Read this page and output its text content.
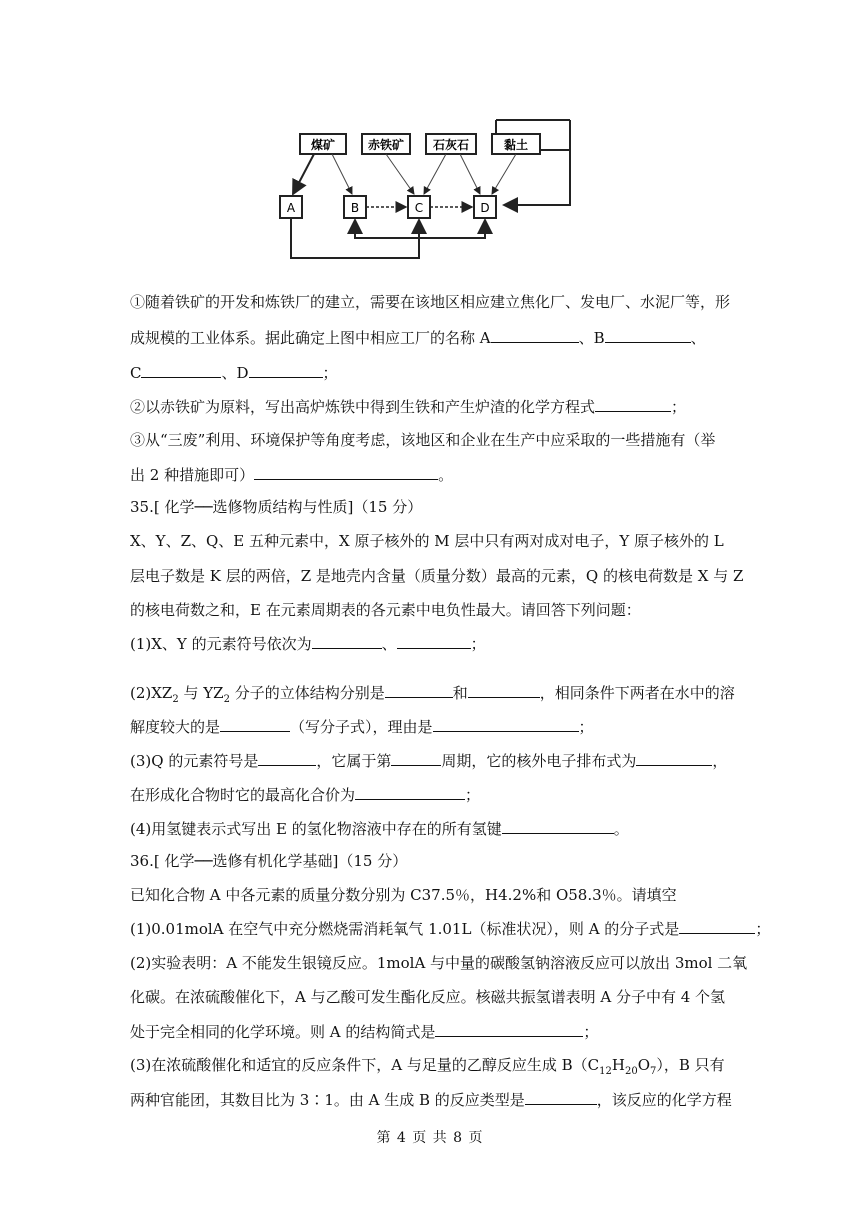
煤矿	赤铁矿 石灰石	黏土
A	B	C	D
①随着铁矿的开发和炼铁厂的建立，需要在该地区相应建立焦化厂、发电厂、水泥厂等，形
成规模的工业体系。据此确定上图中相应工厂的名称 A	、B	、
C	、D	；
②以赤铁矿为原料，写出高炉炼铁中得到生铁和产生炉渣的化学方程式	；
③从“三废”利用、环境保护等角度考虑，该地区和企业在生产中应采取的一些措施有（举
出 2 种措施即可）	。
35.[ 化学──选修物质结构与性质]（15 分）
X、Y、Z、Q、E 五种元素中，X 原子核外的 M 层中只有两对成对电子，Y 原子核外的 L
层电子数是 K 层的两倍，Z 是地壳内含量（质量分数）最高的元素，Q 的核电荷数是 X 与 Z
的核电荷数之和，E 在元素周期表的各元素中电负性最大。请回答下列问题：
(1)X、Y 的元素符号依次为	、	；
$(2)XZ_2$ 与 $YZ_2$ 分子的立体结构分别是	和	，相同条件下两者在水中的溶
解度较大的是	（写分子式），理由是	；
(3)Q 的元素符号是	，它属于第	周期，它的核外电子排布式为	，
在形成化合物时它的最高化合价为	；
(4)用氢键表示式写出 E 的氢化物溶液中存在的所有氢键	。
36.[ 化学──选修有机化学基础]（15 分）
已知化合物 A 中各元素的质量分数分别为 C37.5％，H4.2%和 O58.3％。请填空
(1)0.01molA 在空气中充分燃烧需消耗氧气 1.01L（标准状况），则 A 的分子式是	；
(2)实验表明：A 不能发生银镜反应。1molA 与中量的碳酸氢钠溶液反应可以放出 3mol 二氧
化碳。在浓硫酸催化下，A 与乙酸可发生酯化反应。核磁共振氢谱表明 A 分子中有 4 个氢
处于完全相同的化学环境。则 A 的结构简式是	；
(3)在浓硫酸催化和适宜的反应条件下，A 与足量的乙醇反应生成 $B(C_{12}H_{20}O_7)$，B 只有
两种官能团，其数目比为 3∶1。由 A 生成 B 的反应类型是	，该反应的化学方程
第 4 页 共 8 页
